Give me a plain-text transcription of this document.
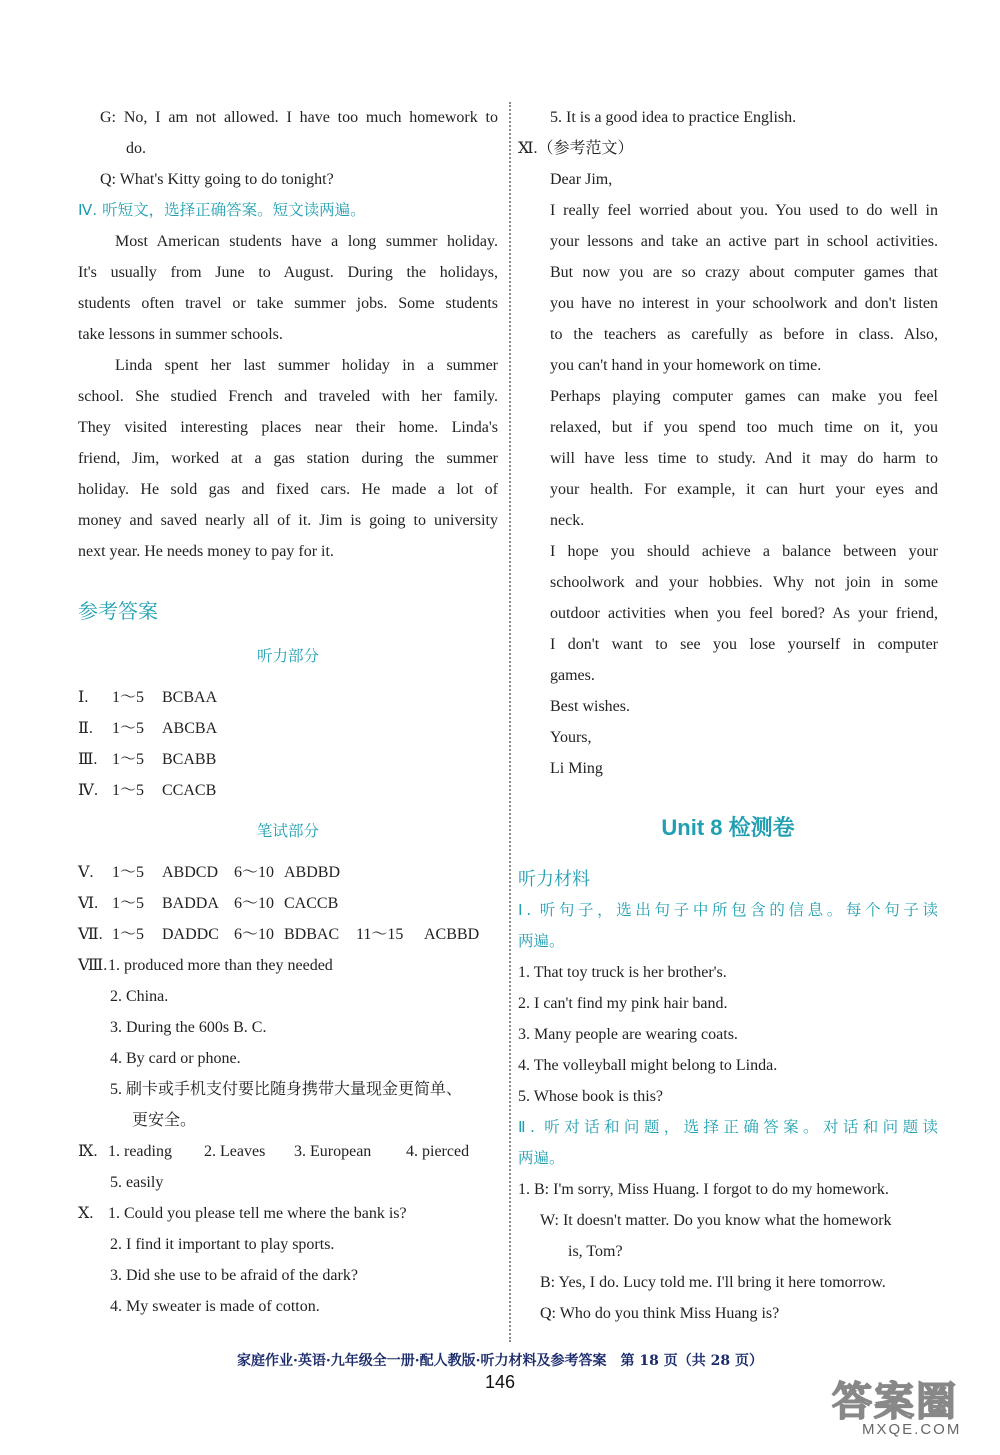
G: No, I am not allowed. I have too much homework to
do.
Q: What's Kitty going to do tonight?
Ⅳ. 听短文，选择正确答案。短文读两遍。
Most American students have a long summer holiday.
It's usually from June to August. During the holidays,
students often travel or take summer jobs. Some students
take lessons in summer schools.
Linda spent her last summer holiday in a summer
school. She studied French and traveled with her family.
They visited interesting places near their home. Linda's
friend, Jim, worked at a gas station during the summer
holiday. He sold gas and fixed cars. He made a lot of
money and saved nearly all of it. Jim is going to university
next year. He needs money to pay for it.
参考答案
听力部分
Ⅰ.	1～5	BCBAA
Ⅱ.	1～5	ABCBA
Ⅲ. 1～5	BCABB
Ⅳ. 1～5	CCACB
笔试部分
Ⅴ.	1～5	ABDCD 6～10 ABDBD
Ⅵ. 1～5	BADDA 6～10 CACCB
Ⅶ. 1～5	DADDC 6～10 BDBAC	11～15	ACBBD
Ⅷ. 1. produced more than they needed
2. China.
3. During the 600s B. C.
4. By card or phone.
5. 刷卡或手机支付要比随身携带大量现金更简单、
更安全。
Ⅸ. 1. reading	2. Leaves	3. European	4. pierced
5. easily
Ⅹ. 1. Could you please tell me where the bank is?
2. I find it important to play sports.
3. Did she use to be afraid of the dark?
4. My sweater is made of cotton.
5. It is a good idea to practice English.
Ⅺ.（参考范文）
Dear Jim,
I really feel worried about you. You used to do well in
your lessons and take an active part in school activities.
But now you are so crazy about computer games that
you have no interest in your schoolwork and don't listen
to the teachers as carefully as before in class. Also,
you can't hand in your homework on time.
Perhaps playing computer games can make you feel
relaxed, but if you spend too much time on it, you
will have less time to study. And it may do harm to
your health. For example, it can hurt your eyes and
neck.
I hope you should achieve a balance between your
schoolwork and your hobbies. Why not join in some
outdoor activities when you feel bored? As your friend,
I don't want to see you lose yourself in computer
games.
Best wishes.
Yours,
Li Ming
Unit 8 检测卷
听力材料
Ⅰ. 听句子，选出句子中所包含的信息。每个句子读
两遍。
1. That toy truck is her brother's.
2. I can't find my pink hair band.
3. Many people are wearing coats.
4. The volleyball might belong to Linda.
5. Whose book is this?
Ⅱ. 听对话和问题，选择正确答案。对话和问题读
两遍。
1. B: I'm sorry, Miss Huang. I forgot to do my homework.
W: It doesn't matter. Do you know what the homework
is, Tom?
B: Yes, I do. Lucy told me. I'll bring it here tomorrow.
Q: Who do you think Miss Huang is?
家庭作业·英语·九年级全一册·配人教版·听力材料及参考答案　第 18 页（共 28 页）
146	答案圈
MXQE.COM
